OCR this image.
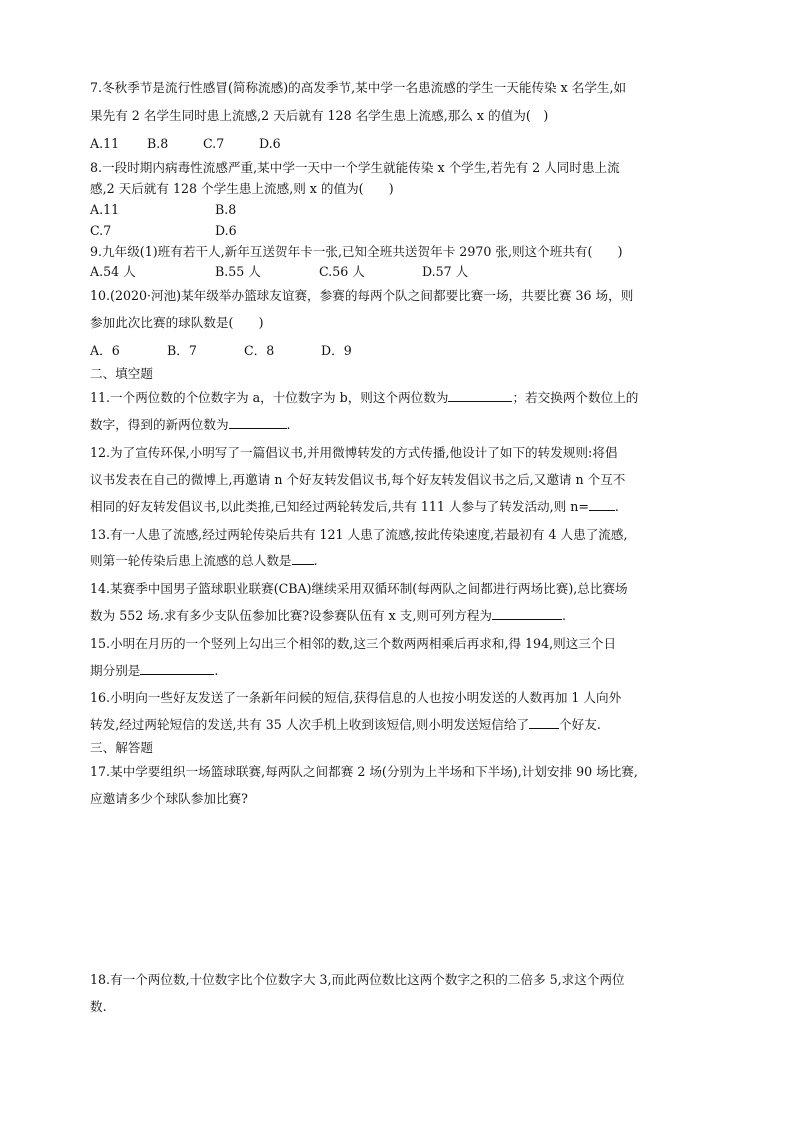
7.冬秋季节是流行性感冒(简称流感)的高发季节,某中学一名患流感的学生一天能传染 x 名学生,如
果先有 2 名学生同时患上流感,2 天后就有 128 名学生患上流感,那么 x 的值为(　)
A.11 B.8	C.7	D.6
8.一段时期内病毒性流感严重,某中学一天中一个学生就能传染 x 个学生,若先有 2 人同时患上流
感,2 天后就有 128 个学生患上流感,则 x 的值为(　　)
A.11	B.8
C.7	D.6
9.九年级(1)班有若干人,新年互送贺年卡一张,已知全班共送贺年卡 2970 张,则这个班共有(　　)
A.54 人	B.55 人	C.56 人	D.57 人
10.(2020·河池)某年级举办篮球友谊赛，参赛的每两个队之间都要比赛一场，共要比赛 36 场，则
参加此次比赛的球队数是(　　)
A．6	B．7	C．8	D．9
二、填空题
11.一个两位数的个位数字为 a，十位数字为 b，则这个两位数为	；若交换两个数位上的
数字，得到的新两位数为	.
12.为了宣传环保,小明写了一篇倡议书,并用微博转发的方式传播,他设计了如下的转发规则:将倡
议书发表在自己的微博上,再邀请 n 个好友转发倡议书,每个好友转发倡议书之后,又邀请 n 个互不
相同的好友转发倡议书,以此类推,已知经过两轮转发后,共有 111 人参与了转发活动,则 n= .
13.有一人患了流感,经过两轮传染后共有 121 人患了流感,按此传染速度,若最初有 4 人患了流感,
则第一轮传染后患上流感的总人数是 .
14.某赛季中国男子篮球职业联赛(CBA)继续采用双循环制(每两队之间都进行两场比赛),总比赛场
数为 552 场.求有多少支队伍参加比赛?设参赛队伍有 x 支,则可列方程为	.
15.小明在月历的一个竖列上勾出三个相邻的数,这三个数两两相乘后再求和,得 194,则这三个日
期分别是	.
16.小明向一些好友发送了一条新年问候的短信,获得信息的人也按小明发送的人数再加 1 人向外
转发,经过两轮短信的发送,共有 35 人次手机上收到该短信,则小明发送短信给了 个好友.
三、解答题
17.某中学要组织一场篮球联赛,每两队之间都赛 2 场(分别为上半场和下半场),计划安排 90 场比赛,
应邀请多少个球队参加比赛?
18.有一个两位数,十位数字比个位数字大 3,而此两位数比这两个数字之积的二倍多 5,求这个两位
数.
